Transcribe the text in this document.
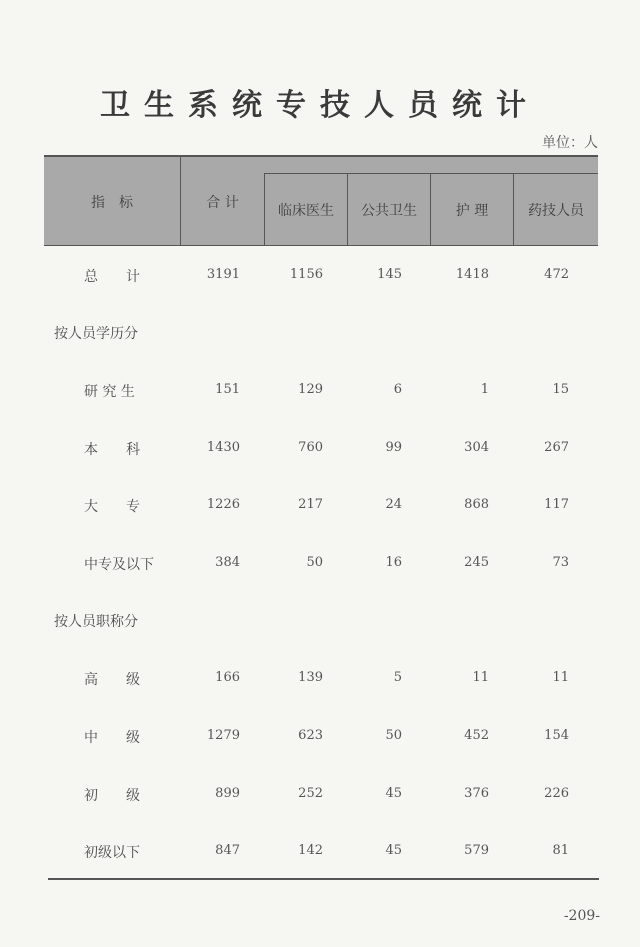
卫生系统专技人员统计
单位：人
指　标	合 计	临床医生	公共卫生	护 理	药技人员
总　　计	3191	1156	145	1418	472
按人员学历分
研 究 生	151	129	6	1	15
本　　科	1430	760	99	304	267
大　　专	1226	217	24	868	117
中专及以下	384	50	16	245	73
按人员职称分
高　　级	166	139	5	11	11
中　　级	1279	623	50	452	154
初　　级	899	252	45	376	226
初级以下	847	142	45	579	81
-209-
